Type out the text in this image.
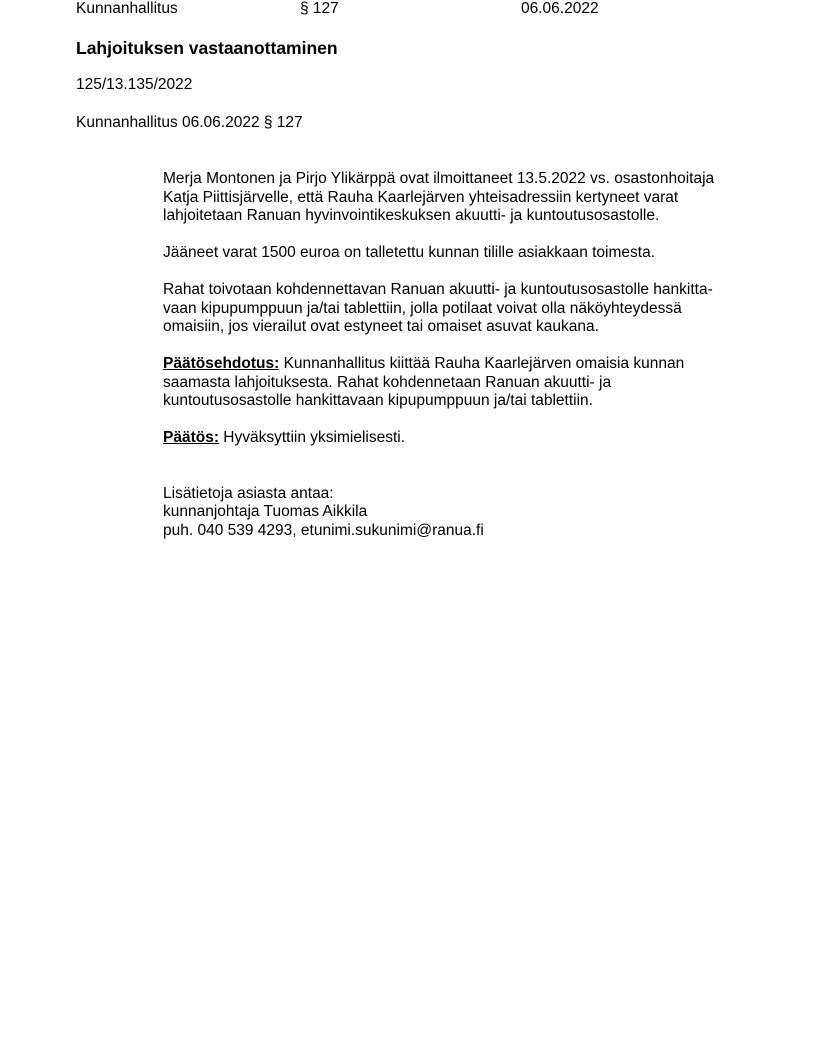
Kunnanhallitus	§ 127	06.06.2022
Lahjoituksen vastaanottaminen
125/13.135/2022
Kunnanhallitus 06.06.2022 § 127

Merja Montonen ja Pirjo Ylikärppä ovat ilmoittaneet 13.5.2022 vs. osastonhoitaja
Katja Piittisjärvelle, että Rauha Kaarlejärven yhteisadressiin kertyneet varat
lahjoitetaan Ranuan hyvinvointikeskuksen akuutti- ja kuntoutusosastolle.

Jääneet varat 1500 euroa on talletettu kunnan tilille asiakkaan toimesta.

Rahat toivotaan kohdennettavan Ranuan akuutti- ja kuntoutusosastolle hankitta-
vaan kipupumppuun ja/tai tablettiin, jolla potilaat voivat olla näköyhteydessä
omaisiin, jos vierailut ovat estyneet tai omaiset asuvat kaukana.

Päätösehdotus: Kunnanhallitus kiittää Rauha Kaarlejärven omaisia kunnan
saamasta lahjoituksesta. Rahat kohdennetaan Ranuan akuutti- ja
kuntoutusosastolle hankittavaan kipupumppuun ja/tai tablettiin.

Päätös: Hyväksyttiin yksimielisesti.

Lisätietoja asiasta antaa:
kunnanjohtaja Tuomas Aikkila
puh. 040 539 4293, etunimi.sukunimi@ranua.fi
